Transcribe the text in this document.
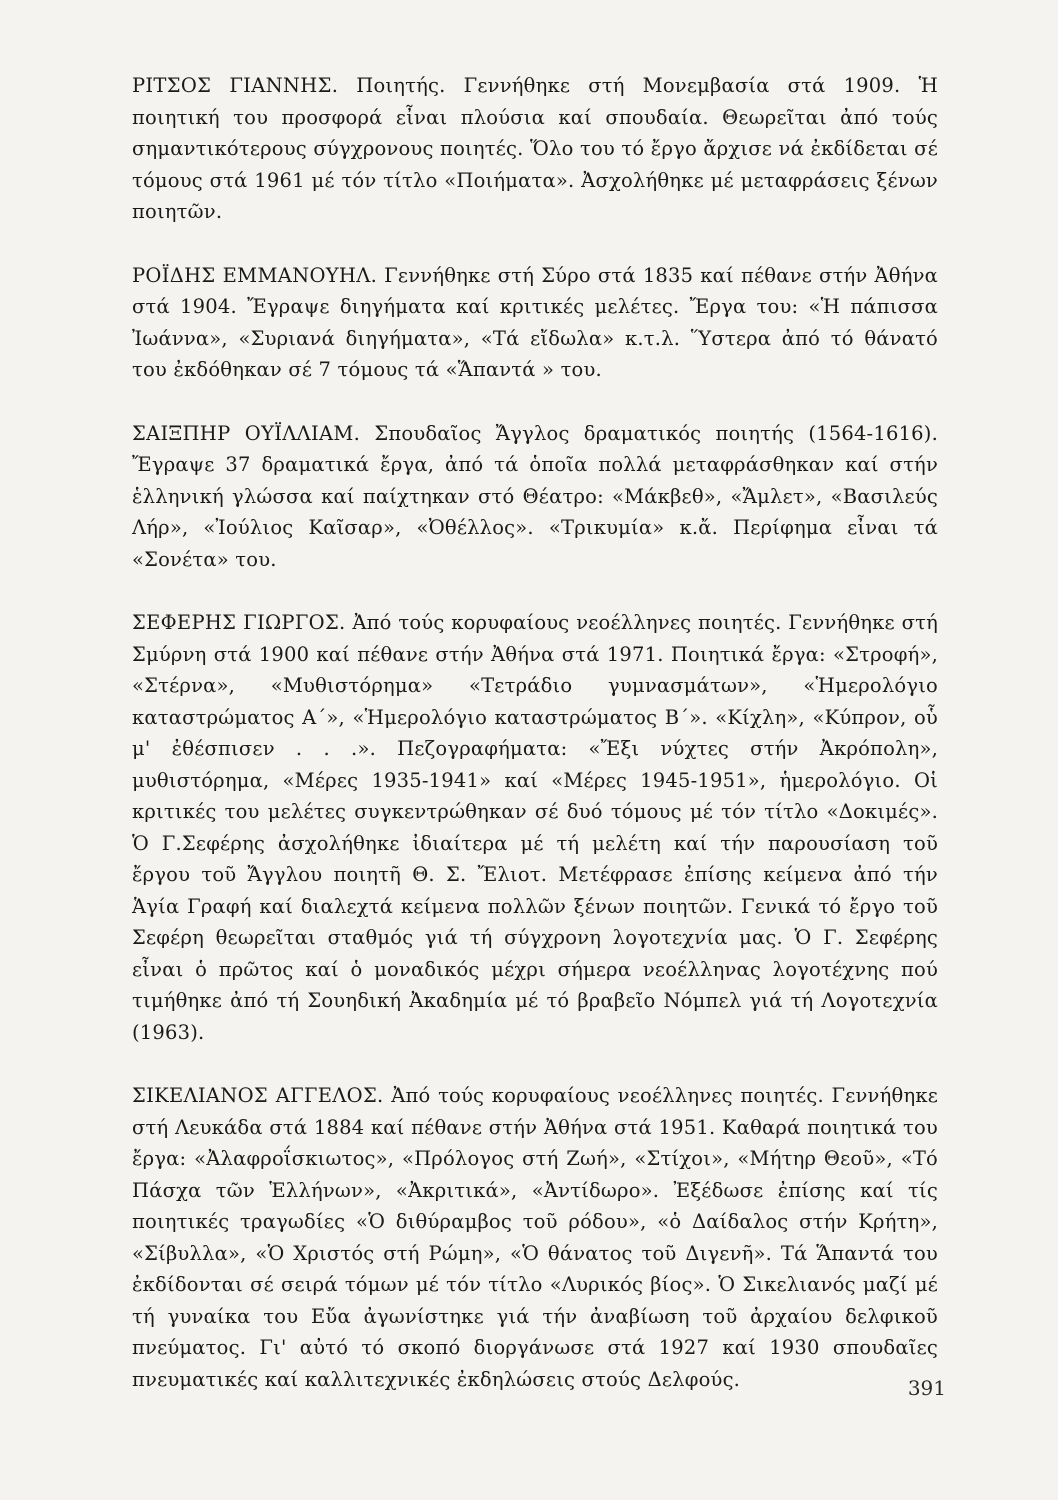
ΡΙΤΣΟΣ ΓΙΑΝΝΗΣ. Ποιητής. Γεννήθηκε στή Μονεμβασία στά 1909. Ἡ ποιητική του προσφορά εἶναι πλούσια καί σπουδαία. Θεωρεῖται ἀπό τούς σημαντικότερους σύγχρονους ποιητές. Ὅλο του τό ἔργο ἄρχισε νά ἐκδίδεται σέ τόμους στά 1961 μέ τόν τίτλο «Ποιήματα». Ἀσχολήθηκε μέ μεταφράσεις ξένων ποιητῶν.

ΡΟΪΔΗΣ ΕΜΜΑΝΟΥΗΛ. Γεννήθηκε στή Σύρο στά 1835 καί πέθανε στήν Ἀθήνα στά 1904. Ἔγραψε διηγήματα καί κριτικές μελέτες. Ἔργα του: «Ἡ πάπισσα Ἰωάννα», «Συριανά διηγήματα», «Τά εἴδωλα» κ.τ.λ. Ὕστερα ἀπό τό θάνατό του ἐκδόθηκαν σέ 7 τόμους τά «Ἅπαντά » του.

ΣΑΙΞΠΗΡ ΟΥΪΛΛΙΑΜ. Σπουδαῖος Ἄγγλος δραματικός ποιητής (1564-1616). Ἔγραψε 37 δραματικά ἔργα, ἀπό τά ὁποῖα πολλά μεταφράσθηκαν καί στήν ἑλληνική γλώσσα καί παίχτηκαν στό Θέατρο: «Μάκβεθ», «Ἄμλετ», «Βασιλεύς Λήρ», «Ἰούλιος Καῖσαρ», «Ὀθέλλος». «Τρικυμία» κ.ἄ. Περίφημα εἶναι τά «Σονέτα» του.

ΣΕΦΕΡΗΣ ΓΙΩΡΓΟΣ. Ἀπό τούς κορυφαίους νεοέλληνες ποιητές. Γεννήθηκε στή Σμύρνη στά 1900 καί πέθανε στήν Ἀθήνα στά 1971. Ποιητικά ἔργα: «Στροφή», «Στέρνα», «Μυθιστόρημα» «Τετράδιο γυμνασμάτων», «Ἡμερολόγιο καταστρώματος Α΄», «Ἡμερολόγιο καταστρώματος Β΄». «Κίχλη», «Κύπρον, οὗ μ' ἐθέσπισεν . . .». Πεζογραφήματα: «Ἔξι νύχτες στήν Ἀκρόπολη», μυθιστόρημα, «Μέρες 1935-1941» καί «Μέρες 1945-1951», ἡμερολόγιο. Οἱ κριτικές του μελέτες συγκεντρώθηκαν σέ δυό τόμους μέ τόν τίτλο «Δοκιμές». Ὁ Γ.Σεφέρης ἀσχολήθηκε ἰδιαίτερα μέ τή μελέτη καί τήν παρουσίαση τοῦ ἔργου τοῦ Ἄγγλου ποιητῆ Θ. Σ. Ἔλιοτ. Μετέφρασε ἐπίσης κείμενα ἀπό τήν Ἁγία Γραφή καί διαλεχτά κείμενα πολλῶν ξένων ποιητῶν. Γενικά τό ἔργο τοῦ Σεφέρη θεωρεῖται σταθμός γιά τή σύγχρονη λογοτεχνία μας. Ὁ Γ. Σεφέρης εἶναι ὁ πρῶτος καί ὁ μοναδικός μέχρι σήμερα νεοέλληνας λογοτέχνης πού τιμήθηκε ἀπό τή Σουηδική Ἀκαδημία μέ τό βραβεῖο Νόμπελ γιά τή Λογοτεχνία (1963).

ΣΙΚΕΛΙΑΝΟΣ ΑΓΓΕΛΟΣ. Ἀπό τούς κορυφαίους νεοέλληνες ποιητές. Γεννήθηκε στή Λευκάδα στά 1884 καί πέθανε στήν Ἀθήνα στά 1951. Καθαρά ποιητικά του ἔργα: «Ἀλαφροΐσκιωτος», «Πρόλογος στή Ζωή», «Στίχοι», «Μήτηρ Θεοῦ», «Τό Πάσχα τῶν Ἑλλήνων», «Ἀκριτικά», «Ἀντίδωρο». Ἐξέδωσε ἐπίσης καί τίς ποιητικές τραγωδίες «Ὁ διθύραμβος τοῦ ρόδου», «ὁ Δαίδαλος στήν Κρήτη», «Σίβυλλα», «Ὁ Χριστός στή Ρώμη», «Ὁ θάνατος τοῦ Διγενῆ». Τά Ἅπαντά του ἐκδίδονται σέ σειρά τόμων μέ τόν τίτλο «Λυρικός βίος». Ὁ Σικελιανός μαζί μέ τή γυναίκα του Εὔα ἀγωνίστηκε γιά τήν ἀναβίωση τοῦ ἀρχαίου δελφικοῦ πνεύματος. Γι' αὐτό τό σκοπό διοργάνωσε στά 1927 καί 1930 σπουδαῖες πνευματικές καί καλλιτεχνικές ἐκδηλώσεις στούς Δελφούς.	391
